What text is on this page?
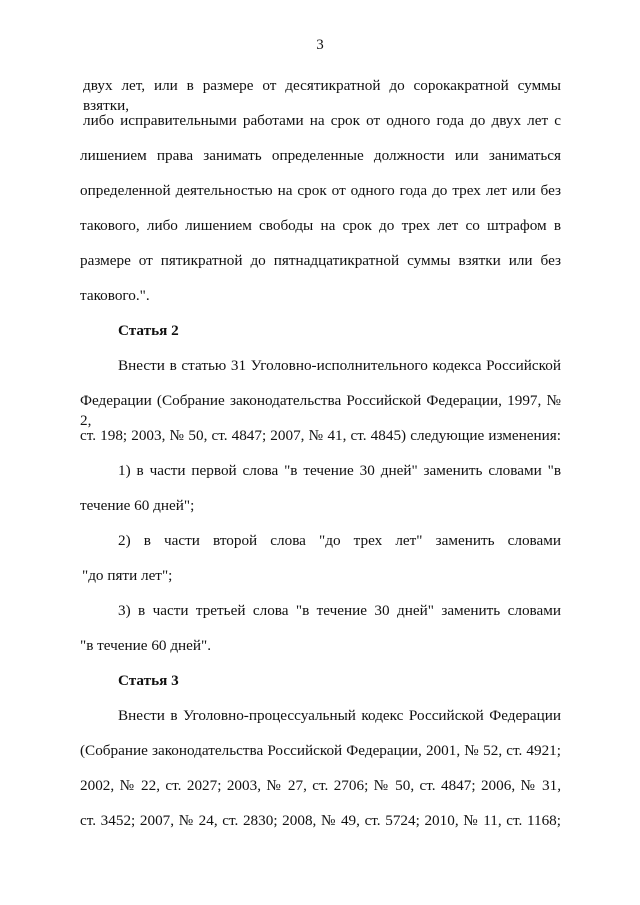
3
двух лет, или в размере от десятикратной до сорокакратной суммы взятки,
либо исправительными работами на срок от одного года до двух лет с
лишением права занимать определенные должности или заниматься
определенной деятельностью на срок от одного года до трех лет или без
такового, либо лишением свободы на срок до трех лет со штрафом в
размере от пятикратной до пятнадцатикратной суммы взятки или без
такового.".
Статья 2
Внести в статью 31 Уголовно-исполнительного кодекса Российской
Федерации (Собрание законодательства Российской Федерации, 1997, № 2,
ст. 198; 2003, № 50, ст. 4847; 2007, № 41, ст. 4845) следующие изменения:
1) в части первой слова "в течение 30 дней" заменить словами "в
течение 60 дней";
2) в части второй слова "до трех лет" заменить словами
"до пяти лет";
3) в части третьей слова "в течение 30 дней" заменить словами
"в течение 60 дней".
Статья 3
Внести в Уголовно-процессуальный кодекс Российской Федерации
(Собрание законодательства Российской Федерации, 2001, № 52, ст. 4921;
2002, № 22, ст. 2027; 2003, № 27, ст. 2706; № 50, ст. 4847; 2006, № 31,
ст. 3452; 2007, № 24, ст. 2830; 2008, № 49, ст. 5724; 2010, № 11, ст. 1168;
